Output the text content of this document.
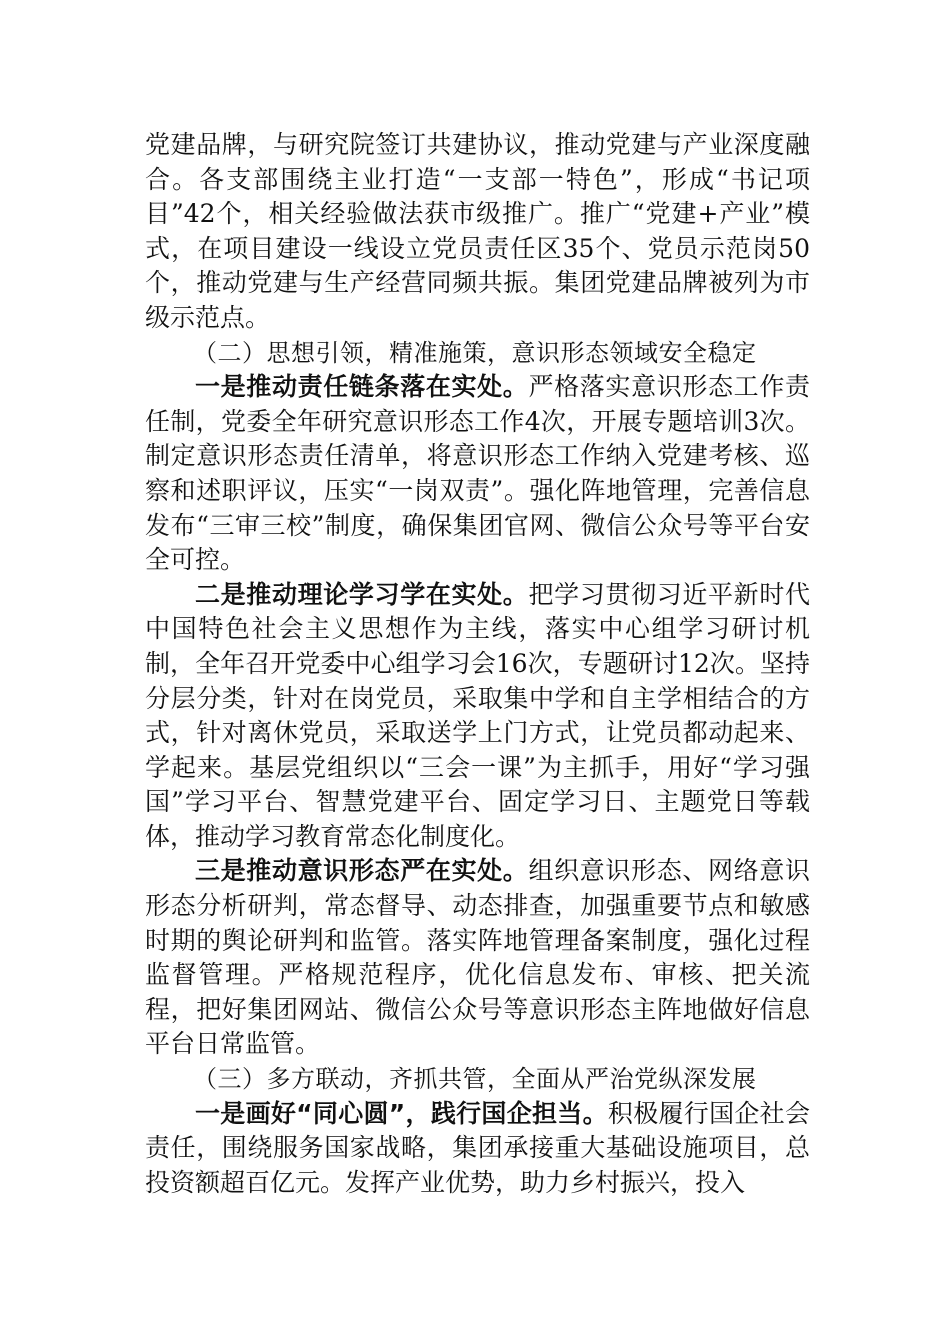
党建品牌，与研究院签订共建协议，推动党建与产业深度融合。各支部围绕主业打造“一支部一特色”，形成“书记项目”42个，相关经验做法获市级推广。推广“党建+产业”模式，在项目建设一线设立党员责任区35个、党员示范岗50个，推动党建与生产经营同频共振。集团党建品牌被列为市级示范点。

（二）思想引领，精准施策，意识形态领域安全稳定

一是推动责任链条落在实处。严格落实意识形态工作责任制，党委全年研究意识形态工作4次，开展专题培训3次。制定意识形态责任清单，将意识形态工作纳入党建考核、巡察和述职评议，压实“一岗双责”。强化阵地管理，完善信息发布“三审三校”制度，确保集团官网、微信公众号等平台安全可控。

二是推动理论学习学在实处。把学习贯彻习近平新时代中国特色社会主义思想作为主线，落实中心组学习研讨机制，全年召开党委中心组学习会16次，专题研讨12次。坚持分层分类，针对在岗党员，采取集中学和自主学相结合的方式，针对离休党员，采取送学上门方式，让党员都动起来、学起来。基层党组织以“三会一课”为主抓手，用好“学习强国”学习平台、智慧党建平台、固定学习日、主题党日等载体，推动学习教育常态化制度化。

三是推动意识形态严在实处。组织意识形态、网络意识形态分析研判，常态督导、动态排查，加强重要节点和敏感时期的舆论研判和监管。落实阵地管理备案制度，强化过程监督管理。严格规范程序，优化信息发布、审核、把关流程，把好集团网站、微信公众号等意识形态主阵地做好信息平台日常监管。

（三）多方联动，齐抓共管，全面从严治党纵深发展

一是画好“同心圆”，践行国企担当。积极履行国企社会责任，围绕服务国家战略，集团承接重大基础设施项目，总投资额超百亿元。发挥产业优势，助力乡村振兴，投入
